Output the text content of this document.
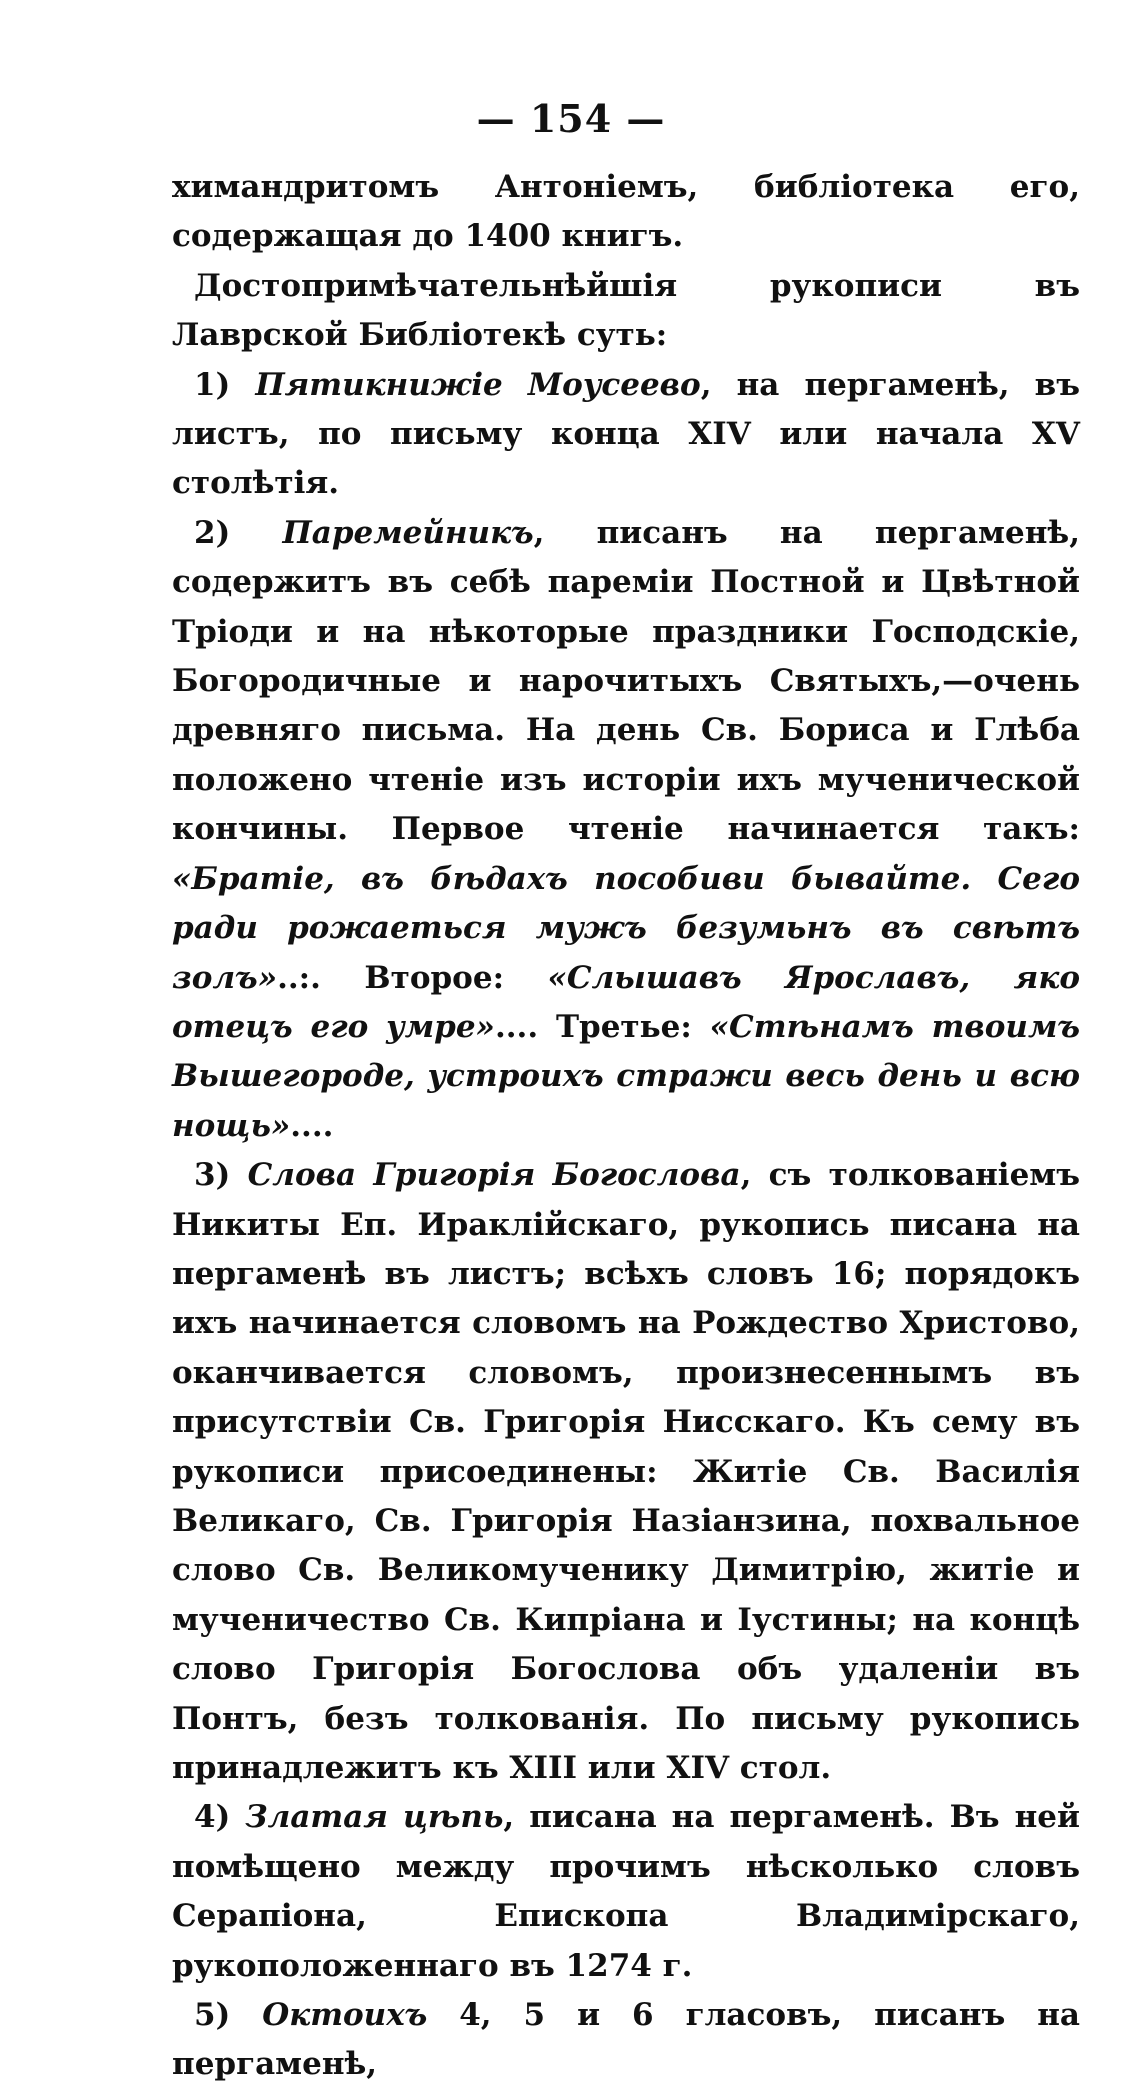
— 154 —

химандритомъ Антоніемъ, библіотека его, содержащая до 1400 книгъ.

Достопримѣчательнѣйшія рукописи въ Лаврской Библіотекѣ суть:

1) Пятикнижіе Моусеево, на пергаменѣ, въ листъ, по письму конца XIV или начала XV столѣтія.

2) Паремейникъ, писанъ на пергаменѣ, содержитъ въ себѣ пареміи Постной и Цвѣтной Тріоди и на нѣкоторые праздники Господскіе, Богородичные и нарочитыхъ Святыхъ,—очень древняго письма. На день Св. Бориса и Глѣба положено чтеніе изъ исторіи ихъ мученической кончины. Первое чтеніе начинается такъ: «Братіе, въ бѣдахъ пособиви бывайте. Сего ради рожаеться мужъ безумьнъ въ свѣтъ золъ»..:. Второе: «Слышавъ Ярославъ, яко отецъ его умре».... Третье: «Стѣнамъ твоимъ Вышегороде, устроихъ стражи весь день и всю нощь»....

3) Слова Григорія Богослова, съ толкованіемъ Никиты Еп. Ираклійскаго, рукопись писана на пергаменѣ въ листъ; всѣхъ словъ 16; порядокъ ихъ начинается словомъ на Рождество Христово, оканчивается словомъ, произнесеннымъ въ присутствіи Св. Григорія Нисскаго. Къ сему въ рукописи присоединены: Житіе Св. Василія Великаго, Св. Григорія Назіанзина, похвальное слово Св. Великомученику Димитрію, житіе и мученичество Св. Кипріана и Іустины; на концѣ слово Григорія Богослова объ удаленіи въ Понтъ, безъ толкованія. По письму рукопись принадлежитъ къ XIII или XIV стол.

4) Златая цѣпь, писана на пергаменѣ. Въ ней помѣщено между прочимъ нѣсколько словъ Серапіона, Епископа Владимірскаго, рукоположеннаго въ 1274 г.

5) Октоихъ 4, 5 и 6 гласовъ, писанъ на пергаменѣ,
